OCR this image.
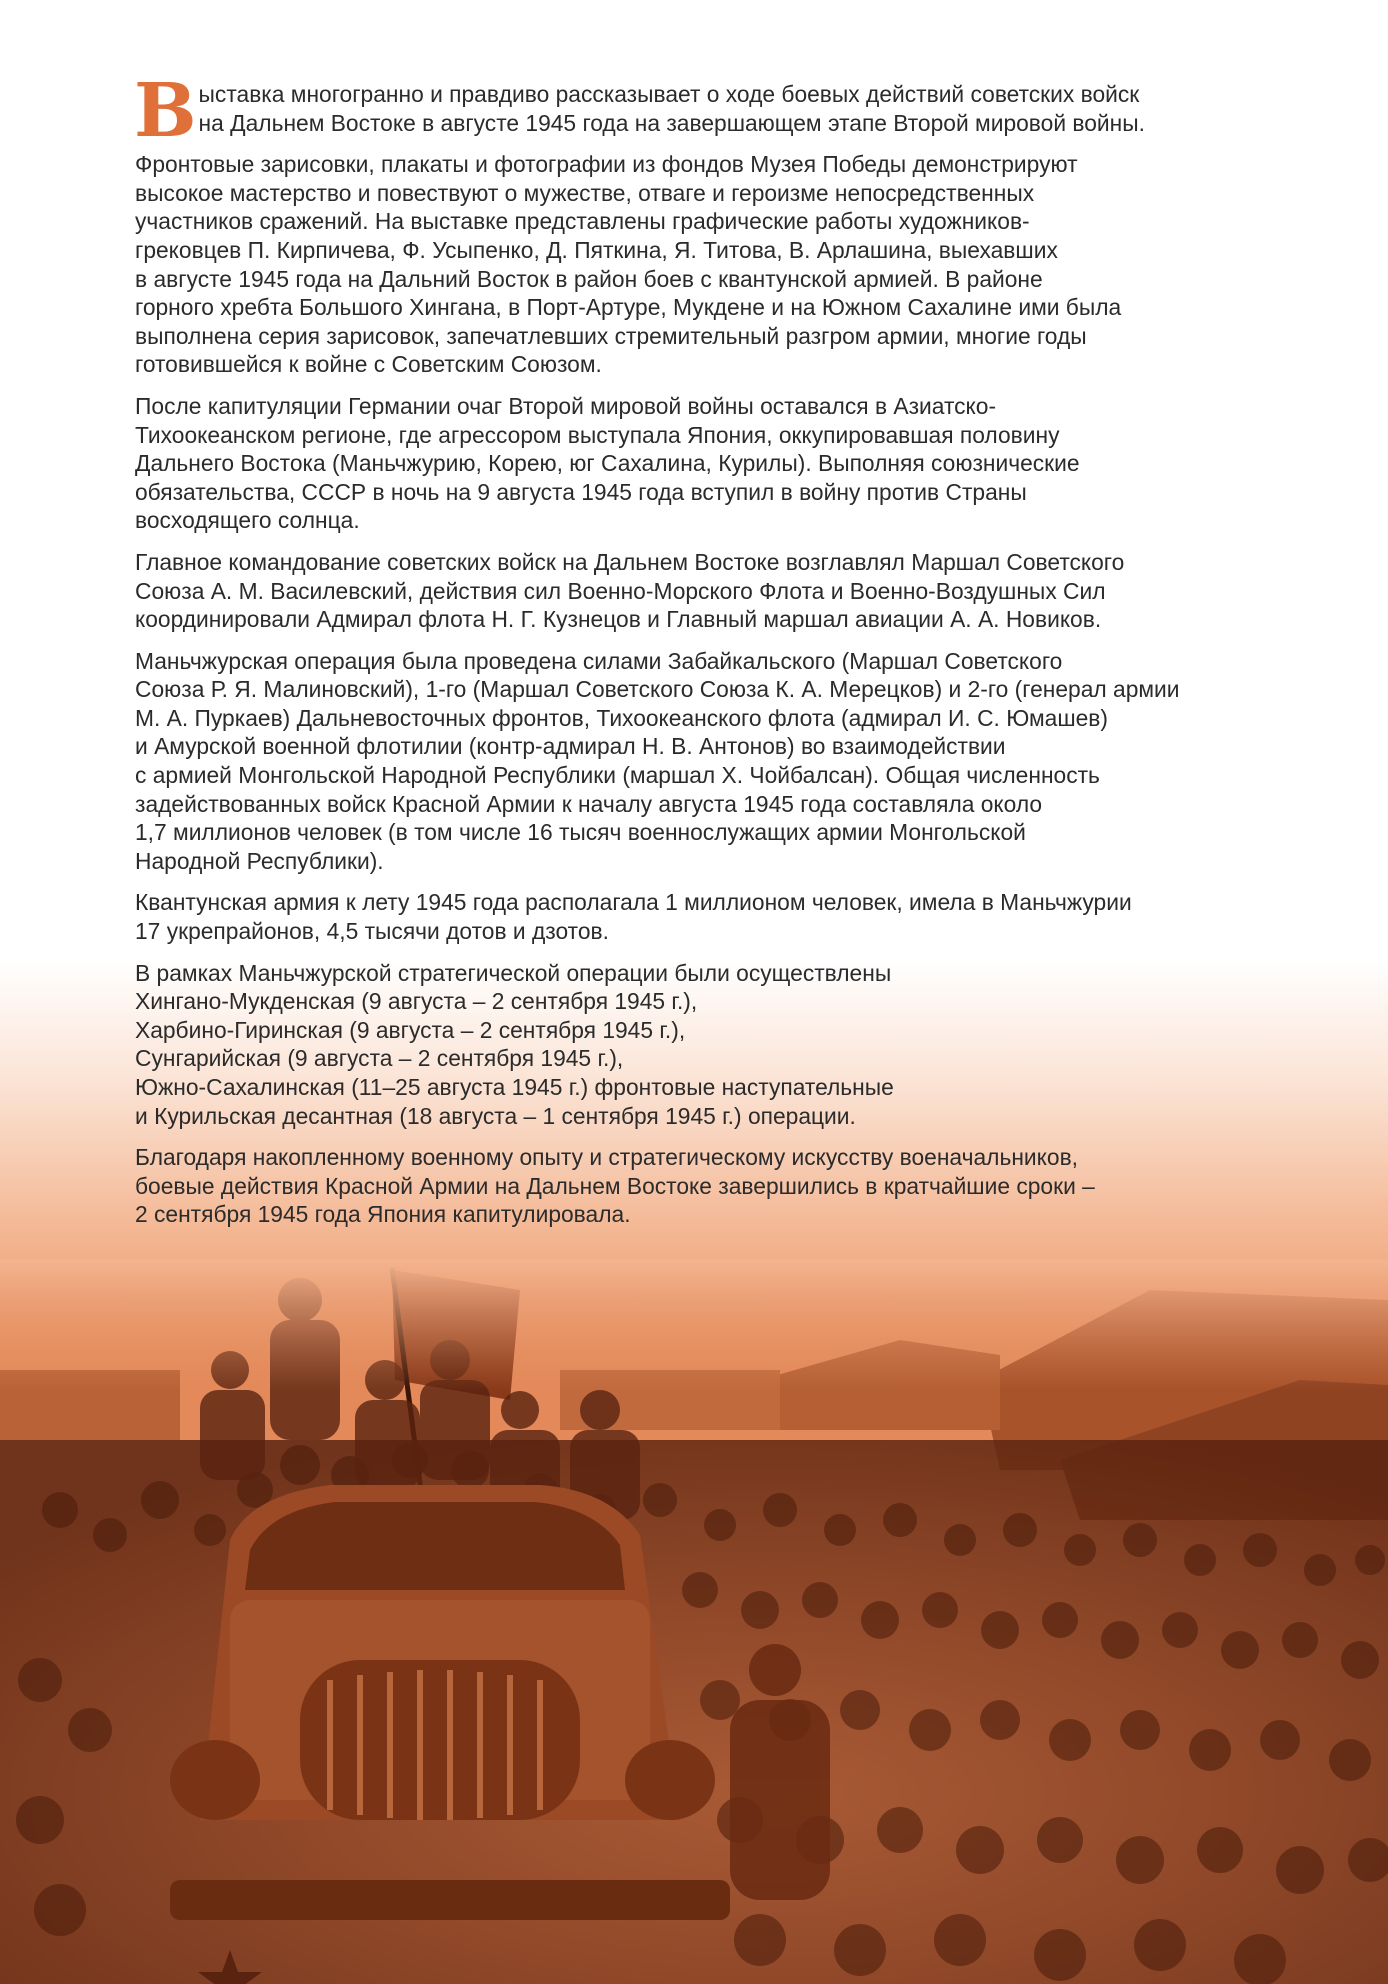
Выставка многогранно и правдиво рассказывает о ходе боевых действий советских войск
на Дальнем Востоке в августе 1945 года на завершающем этапе Второй мировой войны.

Фронтовые зарисовки, плакаты и фотографии из фондов Музея Победы демонстрируют
высокое мастерство и повествуют о мужестве, отваге и героизме непосредственных
участников сражений. На выставке представлены графические работы художников-
грековцев П. Кирпичева, Ф. Усыпенко, Д. Пяткина, Я. Титова, В. Арлашина, выехавших
в августе 1945 года на Дальний Восток в район боев с квантунской армией. В районе
горного хребта Большого Хингана, в Порт-Артуре, Мукдене и на Южном Сахалине ими была
выполнена серия зарисовок, запечатлевших стремительный разгром армии, многие годы
готовившейся к войне с Советским Союзом.

После капитуляции Германии очаг Второй мировой войны оставался в Азиатско-
Тихоокеанском регионе, где агрессором выступала Япония, оккупировавшая половину
Дальнего Востока (Маньчжурию, Корею, юг Сахалина, Курилы). Выполняя союзнические
обязательства, СССР в ночь на 9 августа 1945 года вступил в войну против Страны
восходящего солнца.

Главное командование советских войск на Дальнем Востоке возглавлял Маршал Советского
Союза А. М. Василевский, действия сил Военно-Морского Флота и Военно-Воздушных Сил
координировали Адмирал флота Н. Г. Кузнецов и Главный маршал авиации А. А. Новиков.

Маньчжурская операция была проведена силами Забайкальского (Маршал Советского
Союза Р. Я. Малиновский), 1-го (Маршал Советского Союза К. А. Мерецков) и 2-го (генерал армии
М. А. Пуркаев) Дальневосточных фронтов, Тихоокеанского флота (адмирал И. С. Юмашев)
и Амурской военной флотилии (контр-адмирал Н. В. Антонов) во взаимодействии
с армией Монгольской Народной Республики (маршал Х. Чойбалсан). Общая численность
задействованных войск Красной Армии к началу августа 1945 года составляла около
1,7 миллионов человек (в том числе 16 тысяч военнослужащих армии Монгольской
Народной Республики).

Квантунская армия к лету 1945 года располагала 1 миллионом человек, имела в Маньчжурии
17 укрепрайонов, 4,5 тысячи дотов и дзотов.

В рамках Маньчжурской стратегической операции были осуществлены
Хингано-Мукденская (9 августа – 2 сентября 1945 г.),
Харбино-Гиринская (9 августа – 2 сентября 1945 г.),
Сунгарийская (9 августа – 2 сентября 1945 г.),
Южно-Сахалинская (11–25 августа 1945 г.) фронтовые наступательные
и Курильская десантная (18 августа – 1 сентября 1945 г.) операции.

Благодаря накопленному военному опыту и стратегическому искусству военачальников,
боевые действия Красной Армии на Дальнем Востоке завершились в кратчайшие сроки –
2 сентября 1945 года Япония капитулировала.
